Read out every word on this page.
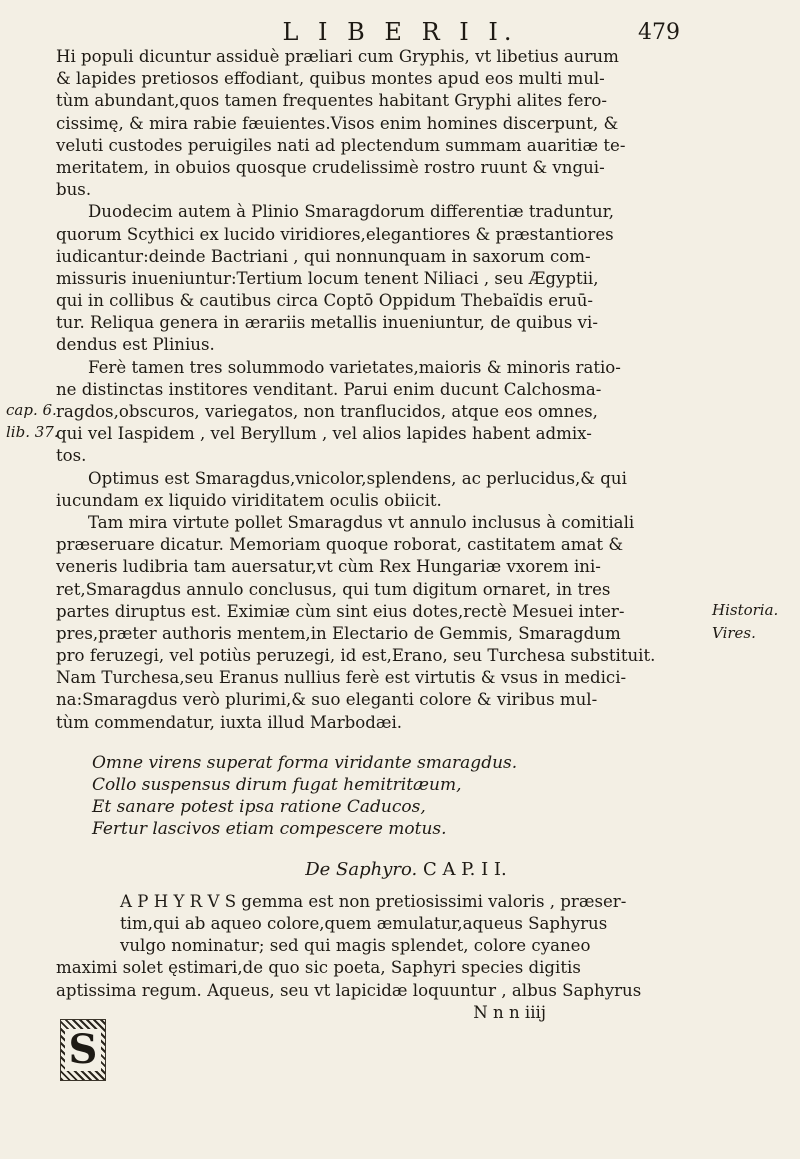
L I B E R I I.	479
Hi populi dicuntur assiduè præliari cum Gryphis, vt libetius aurum
& lapides pretiosos effodiant, quibus montes apud eos multi mul-
tùm abundant,quos tamen frequentes habitant Gryphi alites fero-
cissimę, & mira rabie fæuientes.Visos enim homines discerpunt, &
veluti custodes peruigiles nati ad plectendum summam auaritiæ te-
meritatem, in obuios quosque crudelissimè rostro ruunt & vngui-
bus.
Duodecim autem à Plinio Smaragdorum differentiæ traduntur,
quorum Scythici ex lucido viridiores,elegantiores & præstantiores
iudicantur:deinde Bactriani , qui nonnunquam in saxorum com-
missuris inueniuntur:Tertium locum tenent Niliaci , seu Ægyptii,
qui in collibus & cautibus circa Coptō Oppidum Thebaïdis eruū-
tur. Reliqua genera in ærariis metallis inueniuntur, de quibus vi-
dendus est Plinius.
Ferè tamen tres solummodo varietates,maioris & minoris ratio-
ne distinctas institores venditant. Parui enim ducunt Calchosma-
ragdos,obscuros, variegatos, non tranflucidos, atque eos omnes,
qui vel Iaspidem , vel Beryllum , vel alios lapides habent admix-
tos.
Optimus est Smaragdus,vnicolor,splendens, ac perlucidus,& qui
iucundam ex liquido viriditatem oculis obiicit.
Tam mira virtute pollet Smaragdus vt annulo inclusus à comitiali
præseruare dicatur. Memoriam quoque roborat, castitatem amat &
veneris ludibria tam auersatur,vt cùm Rex Hungariæ vxorem ini-
ret,Smaragdus annulo conclusus, qui tum digitum ornaret, in tres
partes diruptus est. Eximiæ cùm sint eius dotes,rectè Mesuei inter-
pres,præter authoris mentem,in Electario de Gemmis, Smaragdum
pro feruzegi, vel potiùs peruzegi, id est,Erano, seu Turchesa substituit.
Nam Turchesa,seu Eranus nullius ferè est virtutis & vsus in medici-
na:Smaragdus verò plurimi,& suo eleganti colore & viribus mul-
tùm commendatur, iuxta illud Marbodæi.
Omne virens superat forma viridante smaragdus.
Collo suspensus dirum fugat hemitritæum,
Et sanare potest ipsa ratione Caducos,
Fertur lascivos etiam compescere motus.
De Saphyro. C A P. I I.
A P H Y R V S gemma est non pretiosissimi valoris , præser-
tim,qui ab aqueo colore,quem æmulatur,aqueus Saphyrus
vulgo nominatur; sed qui magis splendet, colore cyaneo
maximi solet ęstimari,de quo sic poeta, Saphyri species digitis
aptissima regum. Aqueus, seu vt lapicidæ loquuntur , albus Saphyrus
N n n iiij
S
cap. 6.
lib. 37.
Historia.
Vires.
